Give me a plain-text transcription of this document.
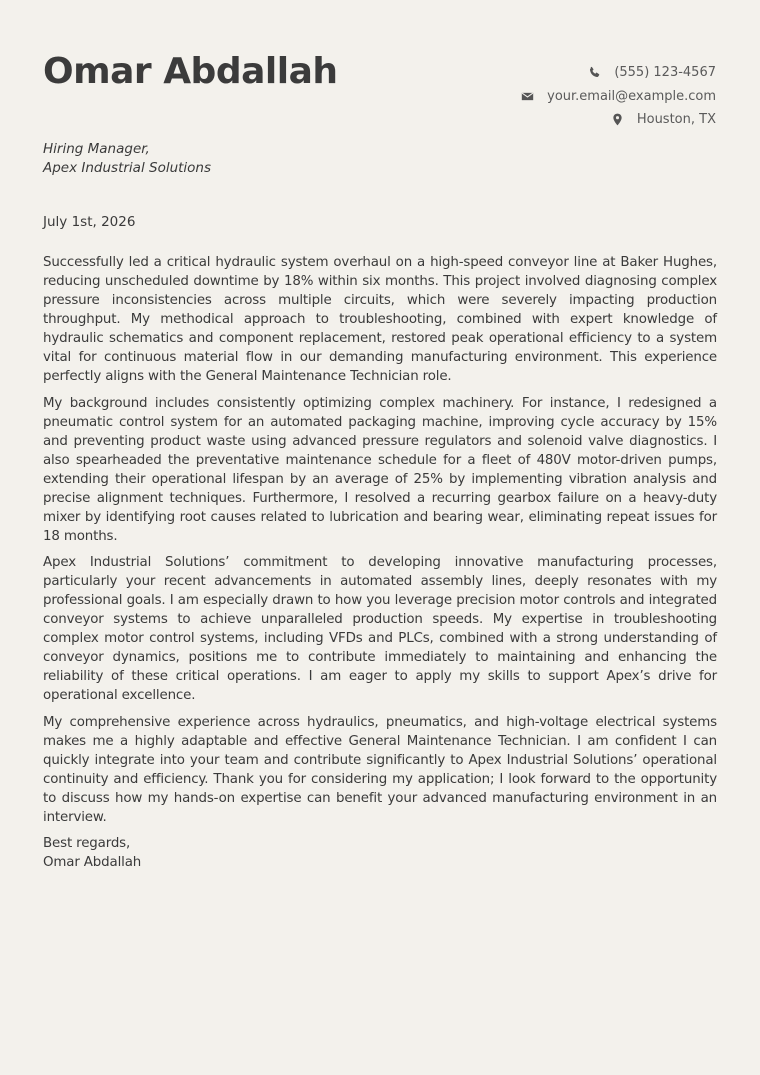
Omar Abdallah	(555) 123-4567
your.email@example.com
Houston, TX
Hiring Manager,
Apex Industrial Solutions
July 1st, 2026

Successfully led a critical hydraulic system overhaul on a high-speed conveyor line at Baker Hughes, reducing unscheduled downtime by 18% within six months. This project involved diagnosing complex pressure inconsistencies across multiple circuits, which were severely impacting production throughput. My methodical approach to troubleshooting, combined with expert knowledge of hydraulic schematics and component replacement, restored peak operational efficiency to a system vital for continuous material flow in our demanding manufacturing environment. This experience perfectly aligns with the General Maintenance Technician role.

My background includes consistently optimizing complex machinery. For instance, I redesigned a pneumatic control system for an automated packaging machine, improving cycle accuracy by 15% and preventing product waste using advanced pressure regulators and solenoid valve diagnostics. I also spearheaded the preventative maintenance schedule for a fleet of 480V motor-driven pumps, extending their operational lifespan by an average of 25% by implementing vibration analysis and precise alignment techniques. Furthermore, I resolved a recurring gearbox failure on a heavy-duty mixer by identifying root causes related to lubrication and bearing wear, eliminating repeat issues for 18 months.

Apex Industrial Solutions’ commitment to developing innovative manufacturing processes, particularly your recent advancements in automated assembly lines, deeply resonates with my professional goals. I am especially drawn to how you leverage precision motor controls and integrated conveyor systems to achieve unparalleled production speeds. My expertise in troubleshooting complex motor control systems, including VFDs and PLCs, combined with a strong understanding of conveyor dynamics, positions me to contribute immediately to maintaining and enhancing the reliability of these critical operations. I am eager to apply my skills to support Apex’s drive for operational excellence.

My comprehensive experience across hydraulics, pneumatics, and high-voltage electrical systems makes me a highly adaptable and effective General Maintenance Technician. I am confident I can quickly integrate into your team and contribute significantly to Apex Industrial Solutions’ operational continuity and efficiency. Thank you for considering my application; I look forward to the opportunity to discuss how my hands-on expertise can benefit your advanced manufacturing environment in an interview.

Best regards,
Omar Abdallah
